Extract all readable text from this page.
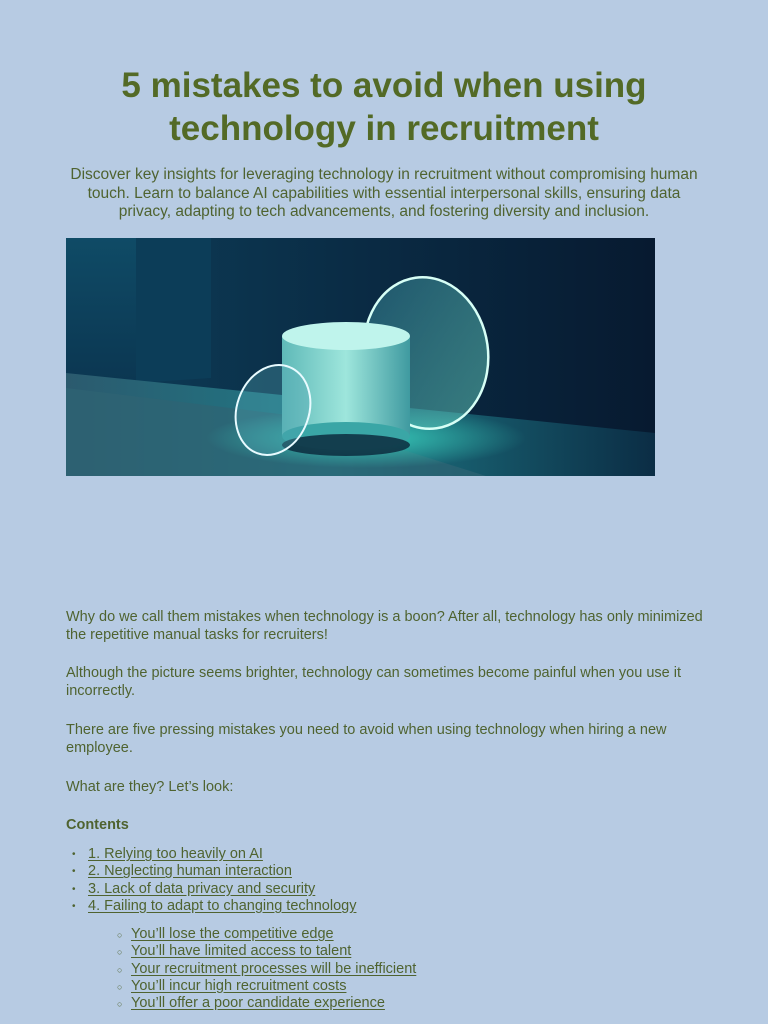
5 mistakes to avoid when using technology in recruitment

Discover key insights for leveraging technology in recruitment without compromising human touch. Learn to balance AI capabilities with essential interpersonal skills, ensuring data privacy, adapting to tech advancements, and fostering diversity and inclusion.

Why do we call them mistakes when technology is a boon? After all, technology has only minimized the repetitive manual tasks for recruiters!

Although the picture seems brighter, technology can sometimes become painful when you use it incorrectly.

There are five pressing mistakes you need to avoid when using technology when hiring a new employee.

What are they? Let’s look:

Contents

• 1. Relying too heavily on AI
• 2. Neglecting human interaction
• 3. Lack of data privacy and security
• 4. Failing to adapt to changing technology
○ You’ll lose the competitive edge
○ You’ll have limited access to talent
○ Your recruitment processes will be inefficient
○ You’ll incur high recruitment costs
○ You’ll offer a poor candidate experience
